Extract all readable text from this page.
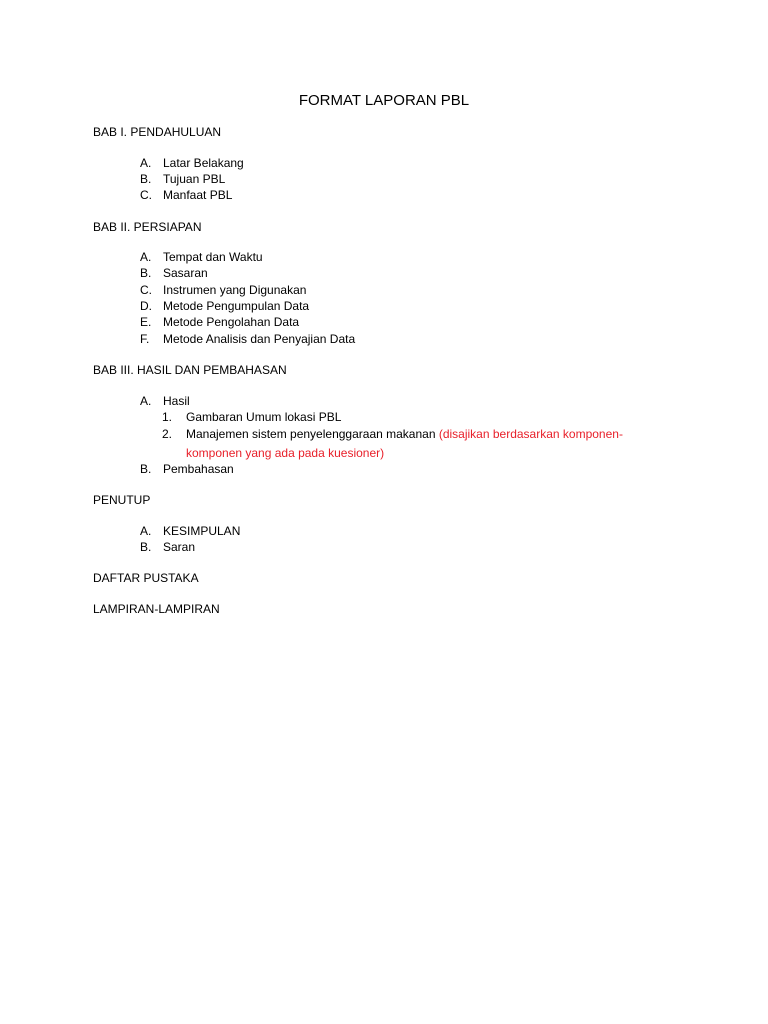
FORMAT LAPORAN PBL
BAB I. PENDAHULUAN
A. Latar Belakang
B. Tujuan PBL
C. Manfaat PBL
BAB II. PERSIAPAN
A. Tempat dan Waktu
B. Sasaran
C. Instrumen yang Digunakan
D. Metode Pengumpulan Data
E. Metode Pengolahan Data
F. Metode Analisis dan Penyajian Data
BAB III. HASIL DAN PEMBAHASAN
A. Hasil
1. Gambaran Umum lokasi PBL
2. Manajemen sistem penyelenggaraan makanan (disajikan berdasarkan komponen-
komponen yang ada pada kuesioner)
B. Pembahasan
PENUTUP
A. KESIMPULAN
B. Saran
DAFTAR PUSTAKA
LAMPIRAN-LAMPIRAN
